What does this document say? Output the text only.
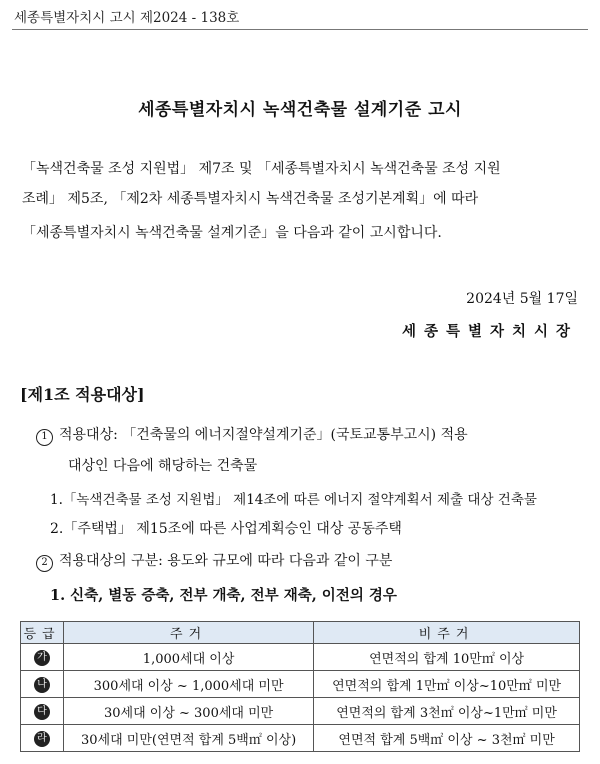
세종특별자치시 고시 제2024 - 138호
세종특별자치시 녹색건축물 설계기준 고시
「녹색건축물 조성 지원법」 제7조 및 「세종특별자치시 녹색건축물 조성 지원
조례」 제5조, 「제2차 세종특별자치시 녹색건축물 조성기본계획」에 따라
「세종특별자치시 녹색건축물 설계기준」을 다음과 같이 고시합니다.
2024년 5월 17일
세종특별자치시장
[제1조 적용대상]
1 적용대상: 「건축물의 에너지절약설계기준」(국토교통부고시) 적용
대상인 다음에 해당하는 건축물
1.「녹색건축물 조성 지원법」 제14조에 따른 에너지 절약계획서 제출 대상 건축물
2.「주택법」 제15조에 따른 사업계획승인 대상 공동주택
2 적용대상의 구분: 용도와 규모에 따라 다음과 같이 구분
1. 신축, 별동 증축, 전부 개축, 전부 재축, 이전의 경우
등급	주거	비주거
가	1,000세대 이상	연면적의 합계 10만㎡ 이상
나	300세대 이상 ~ 1,000세대 미만	연면적의 합계 1만㎡ 이상~10만㎡ 미만
다	30세대 이상 ~ 300세대 미만	연면적의 합계 3천㎡ 이상~1만㎡ 미만
라	30세대 미만(연면적 합계 5백㎡ 이상)	연면적 합계 5백㎡ 이상 ~ 3천㎡ 미만
